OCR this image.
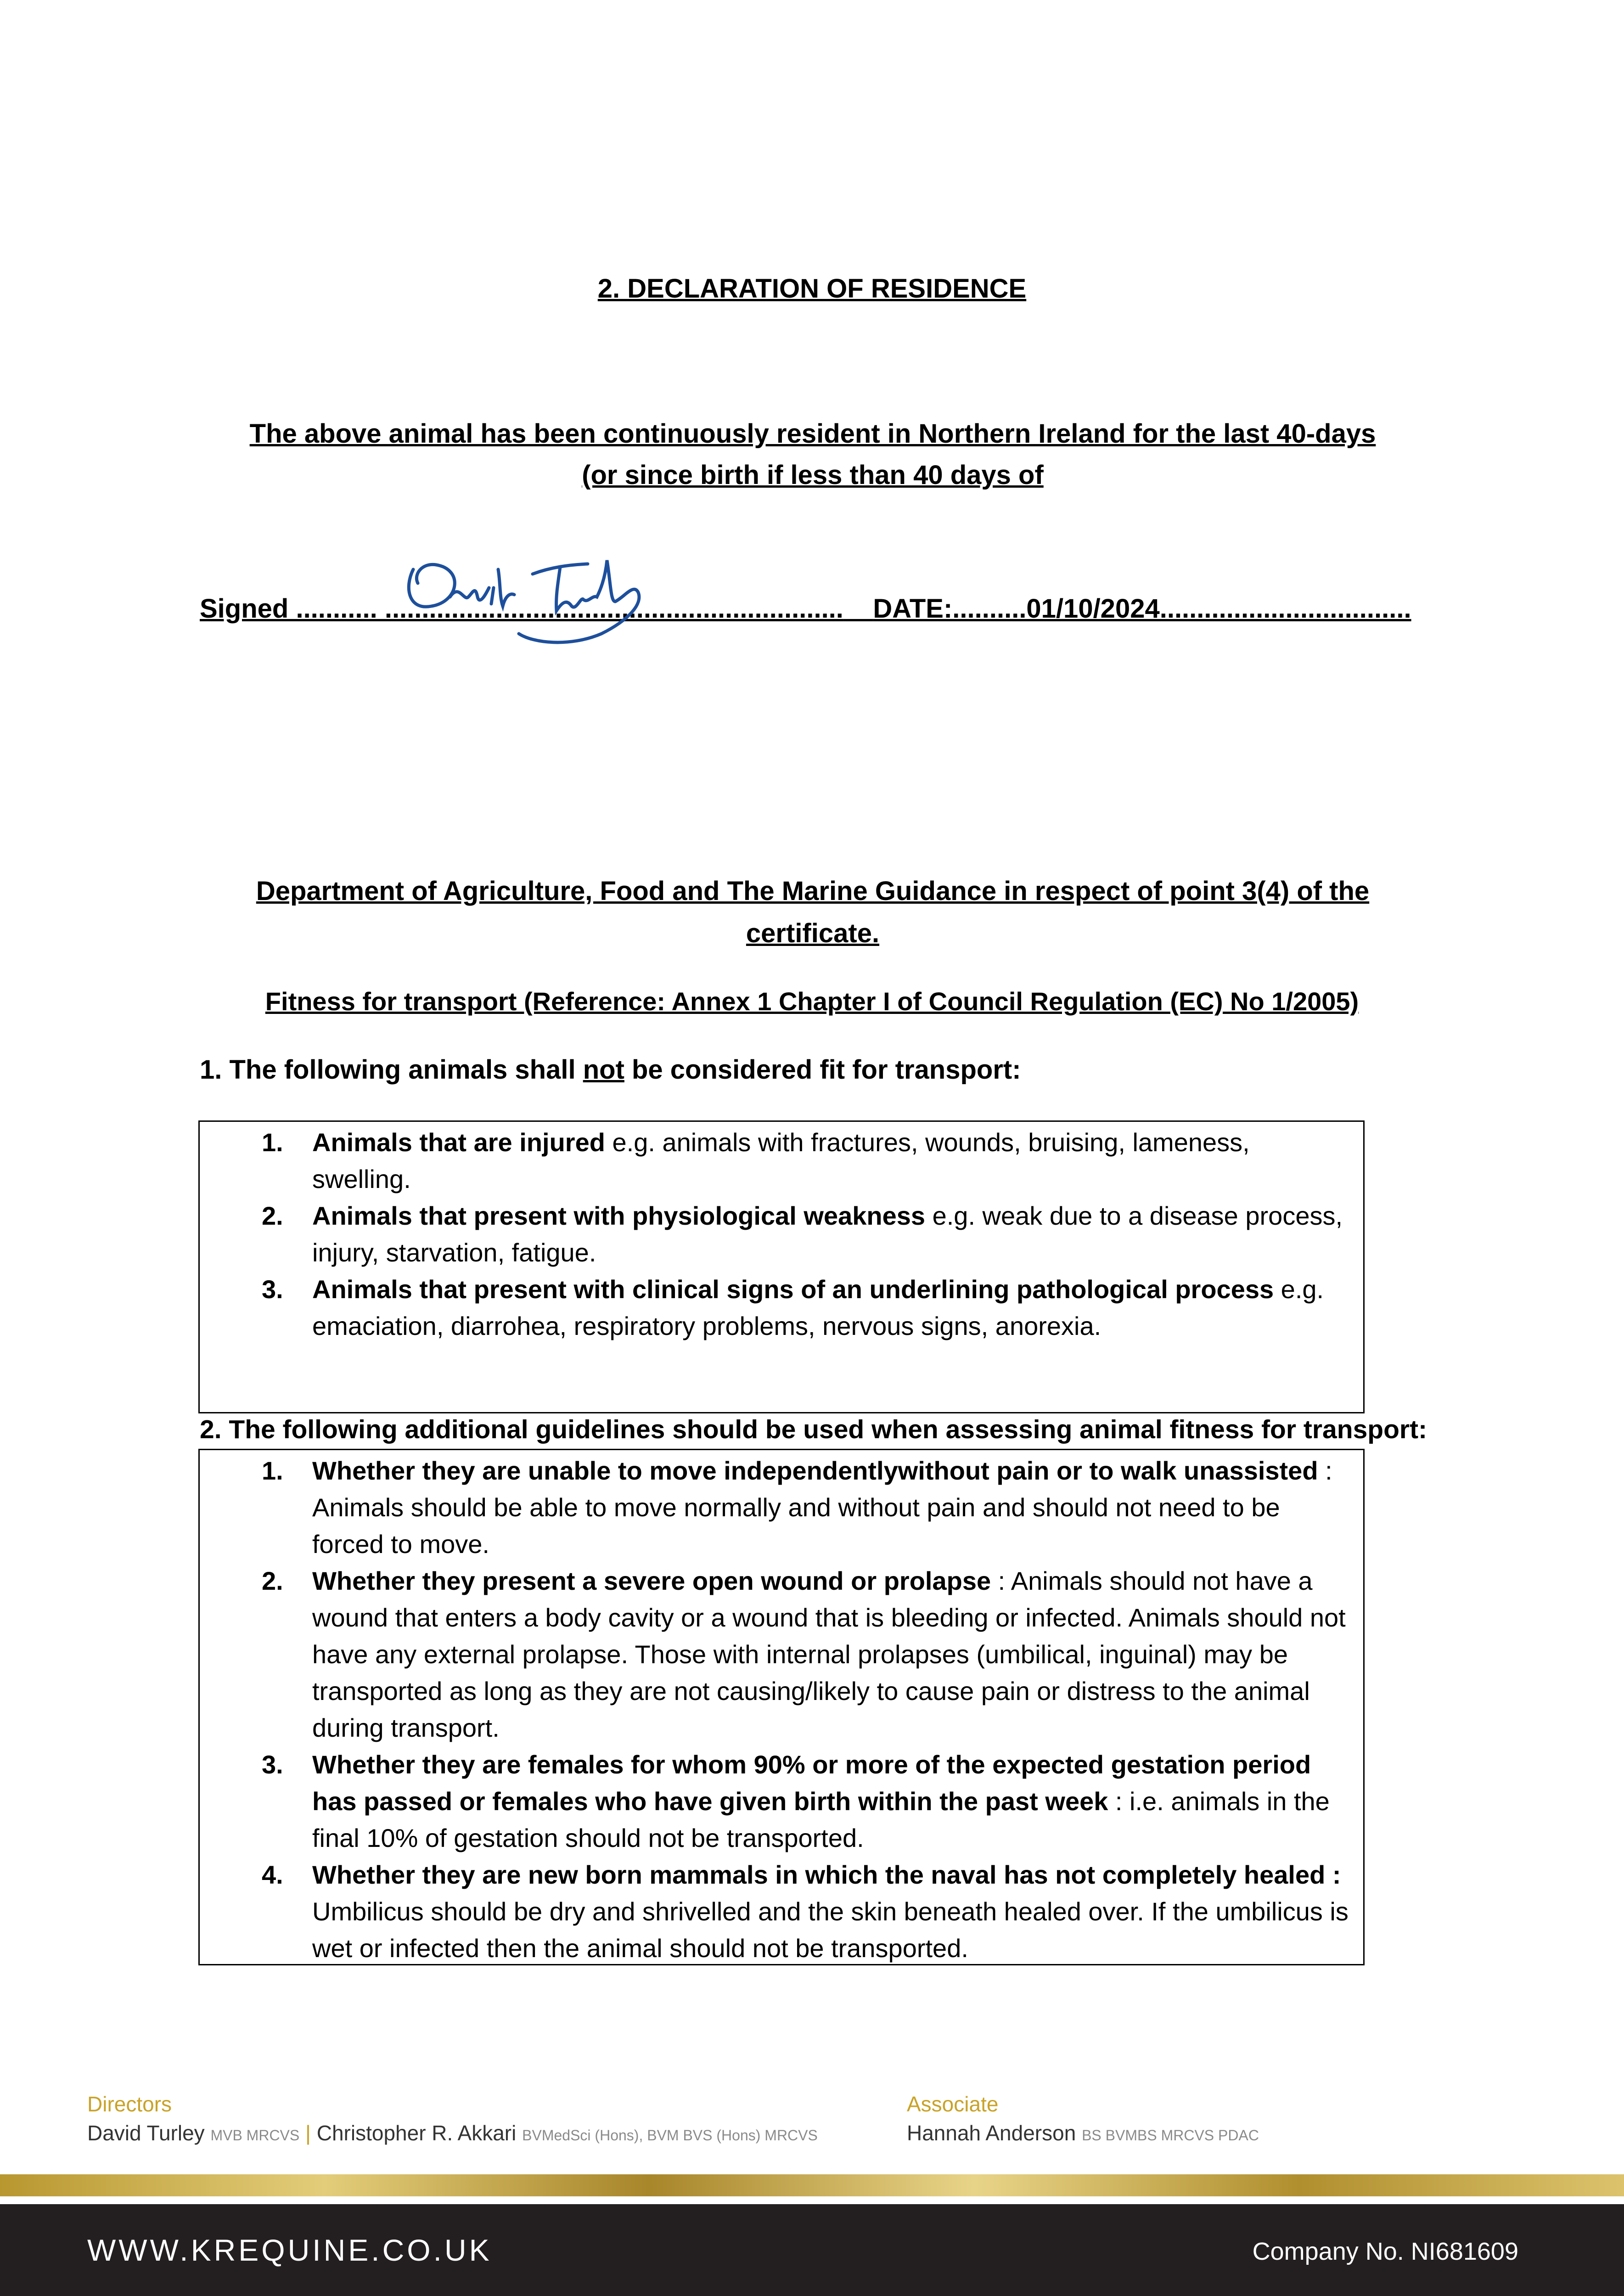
2. DECLARATION OF RESIDENCE
The above animal has been continuously resident in Northern Ireland for the last 40-days (or since birth if less than 40 days of
Signed ........... .............................................................. DATE:..........01/10/2024..................................
Department of Agriculture, Food and The Marine Guidance in respect of point 3(4) of the certificate.
Fitness for transport (Reference: Annex 1 Chapter I of Council Regulation (EC) No 1/2005)
1. The following animals shall not be considered fit for transport:
1. Animals that are injured e.g. animals with fractures, wounds, bruising, lameness, swelling.
2. Animals that present with physiological weakness e.g. weak due to a disease process, injury, starvation, fatigue.
3. Animals that present with clinical signs of an underlining pathological process e.g. emaciation, diarrohea, respiratory problems, nervous signs, anorexia.
2. The following additional guidelines should be used when assessing animal fitness for transport:
1. Whether they are unable to move independentlywithout pain or to walk unassisted : Animals should be able to move normally and without pain and should not need to be forced to move.
2. Whether they present a severe open wound or prolapse : Animals should not have a wound that enters a body cavity or a wound that is bleeding or infected. Animals should not have any external prolapse. Those with internal prolapses (umbilical, inguinal) may be transported as long as they are not causing/likely to cause pain or distress to the animal during transport.
3. Whether they are females for whom 90% or more of the expected gestation period has passed or females who have given birth within the past week : i.e. animals in the final 10% of gestation should not be transported.
4. Whether they are new born mammals in which the naval has not completely healed : Umbilicus should be dry and shrivelled and the skin beneath healed over. If the umbilicus is wet or infected then the animal should not be transported.
Directors
David Turley MVB MRCVS | Christopher R. Akkari BVMedSci (Hons), BVM BVS (Hons) MRCVS
Associate
Hannah Anderson BS BVMBS MRCVS PDAC
WWW.KREQUINE.CO.UK	Company No. NI681609
